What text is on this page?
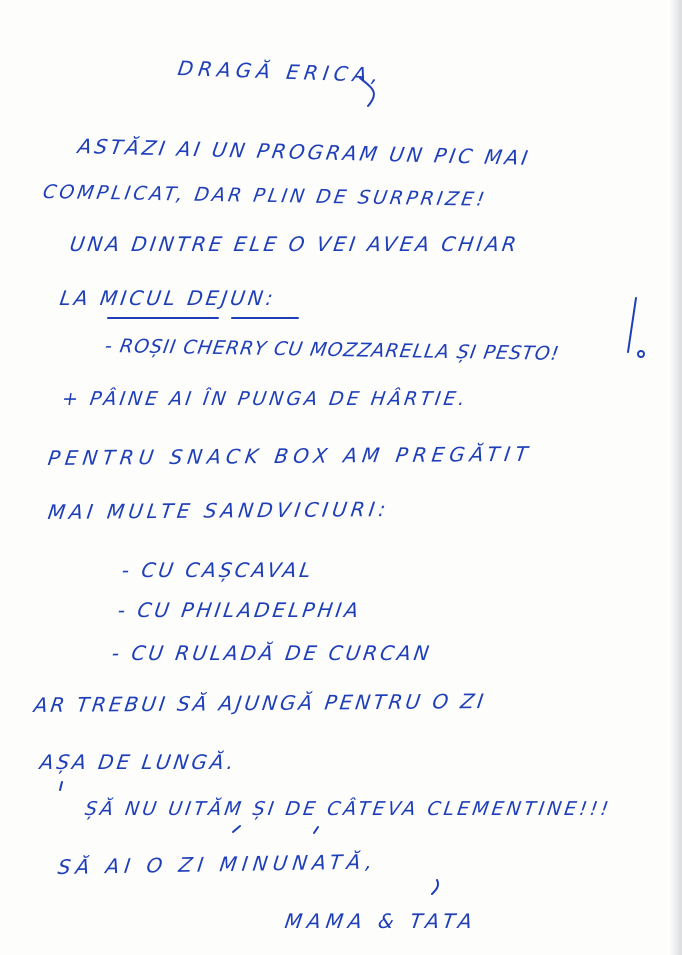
DRAGĂ ERICA,
ASTĂZI AI UN PROGRAM UN PIC MAI
COMPLICAT, DAR PLIN DE SURPRIZE!
UNA DINTRE ELE O VEI AVEA CHIAR
LA MICUL DEJUN:
- ROȘII CHERRY CU MOZZARELLA ȘI PESTO!
+ PÂINE AI ÎN PUNGA DE HÂRTIE.
PENTRU SNACK BOX AM PREGĂTIT
MAI MULTE SANDVICIURI:
- CU CAȘCAVAL
- CU PHILADELPHIA
- CU RULADĂ DE CURCAN
AR TREBUI SĂ AJUNGĂ PENTRU O ZI
AȘA DE LUNGĂ.
ȘĂ NU UITĂM ȘI DE CÂTEVA CLEMENTINE!!!
SĂ AI O ZI MINUNATĂ,
MAMA & TATA
